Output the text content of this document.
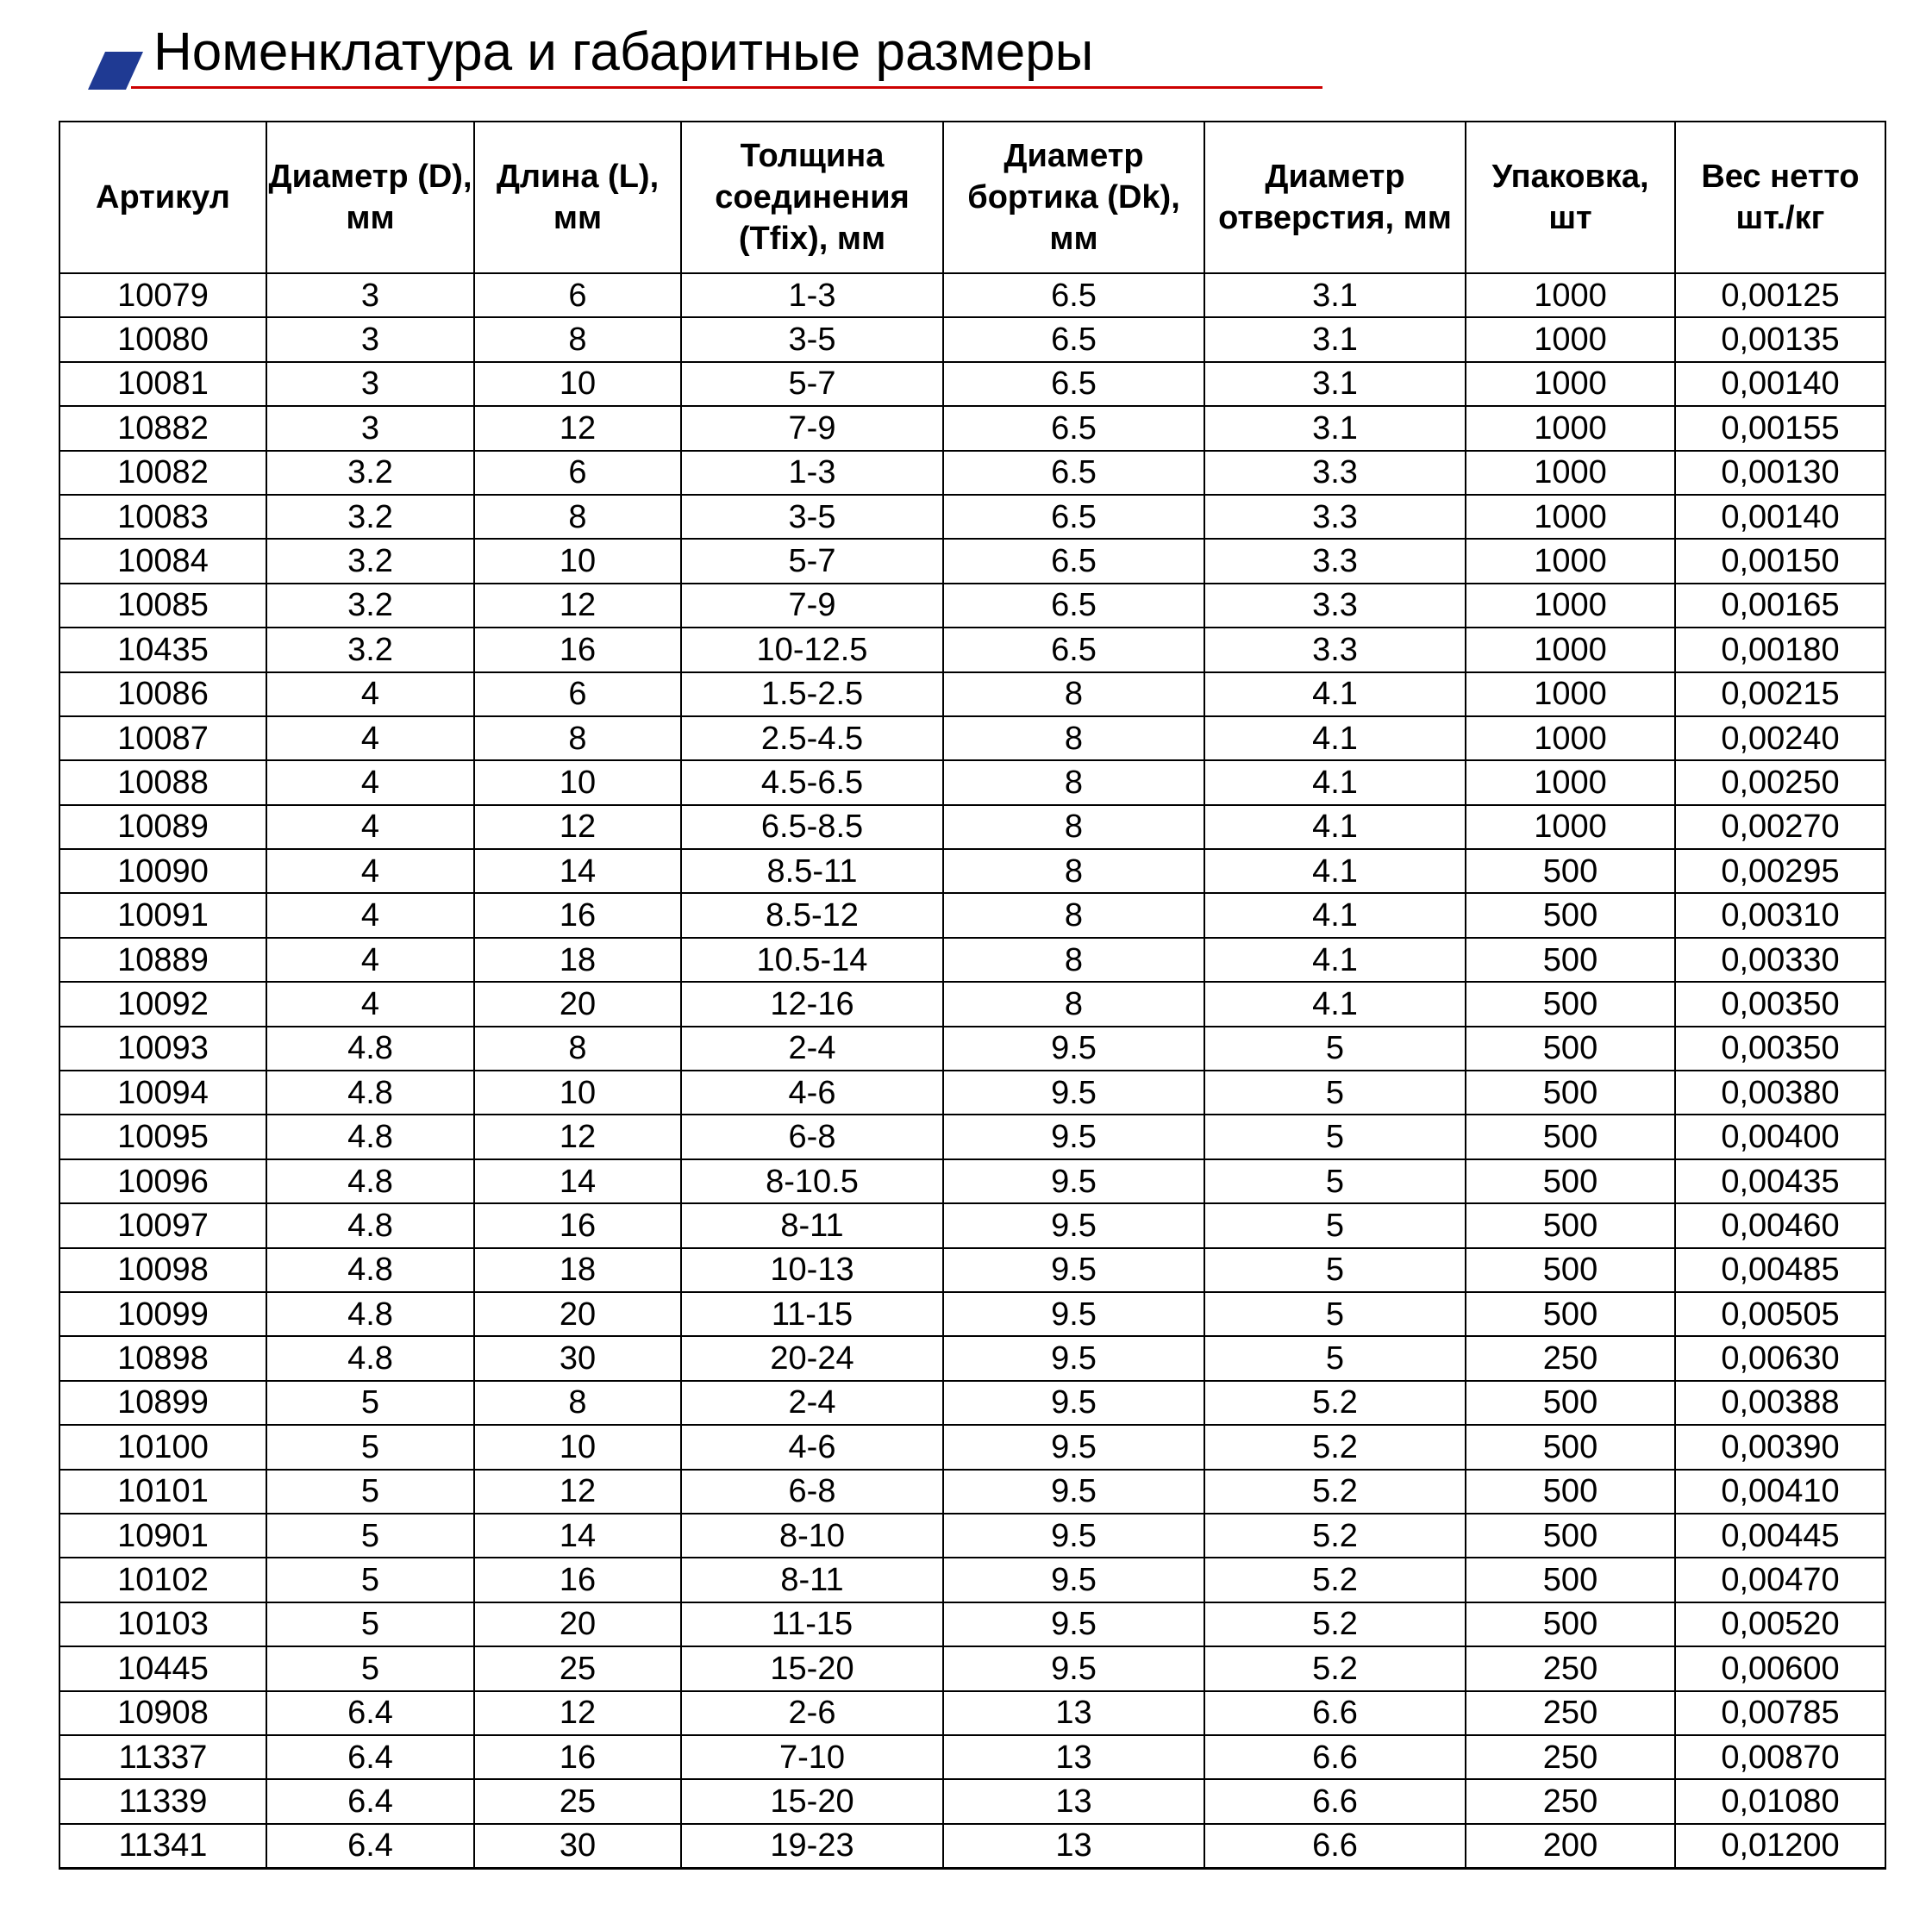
Номенклатура и габаритные размеры
Артикул	Диаметр (D), мм	Длина (L), мм	Толщина соединения (Tfix), мм	Диаметр бортика (Dk), мм	Диаметр отверстия, мм	Упаковка, шт	Вес нетто шт./кг
10079	3	6	1-3	6.5	3.1	1000	0,00125
10080	3	8	3-5	6.5	3.1	1000	0,00135
10081	3	10	5-7	6.5	3.1	1000	0,00140
10882	3	12	7-9	6.5	3.1	1000	0,00155
10082	3.2	6	1-3	6.5	3.3	1000	0,00130
10083	3.2	8	3-5	6.5	3.3	1000	0,00140
10084	3.2	10	5-7	6.5	3.3	1000	0,00150
10085	3.2	12	7-9	6.5	3.3	1000	0,00165
10435	3.2	16	10-12.5	6.5	3.3	1000	0,00180
10086	4	6	1.5-2.5	8	4.1	1000	0,00215
10087	4	8	2.5-4.5	8	4.1	1000	0,00240
10088	4	10	4.5-6.5	8	4.1	1000	0,00250
10089	4	12	6.5-8.5	8	4.1	1000	0,00270
10090	4	14	8.5-11	8	4.1	500	0,00295
10091	4	16	8.5-12	8	4.1	500	0,00310
10889	4	18	10.5-14	8	4.1	500	0,00330
10092	4	20	12-16	8	4.1	500	0,00350
10093	4.8	8	2-4	9.5	5	500	0,00350
10094	4.8	10	4-6	9.5	5	500	0,00380
10095	4.8	12	6-8	9.5	5	500	0,00400
10096	4.8	14	8-10.5	9.5	5	500	0,00435
10097	4.8	16	8-11	9.5	5	500	0,00460
10098	4.8	18	10-13	9.5	5	500	0,00485
10099	4.8	20	11-15	9.5	5	500	0,00505
10898	4.8	30	20-24	9.5	5	250	0,00630
10899	5	8	2-4	9.5	5.2	500	0,00388
10100	5	10	4-6	9.5	5.2	500	0,00390
10101	5	12	6-8	9.5	5.2	500	0,00410
10901	5	14	8-10	9.5	5.2	500	0,00445
10102	5	16	8-11	9.5	5.2	500	0,00470
10103	5	20	11-15	9.5	5.2	500	0,00520
10445	5	25	15-20	9.5	5.2	250	0,00600
10908	6.4	12	2-6	13	6.6	250	0,00785
11337	6.4	16	7-10	13	6.6	250	0,00870
11339	6.4	25	15-20	13	6.6	250	0,01080
11341	6.4	30	19-23	13	6.6	200	0,01200
